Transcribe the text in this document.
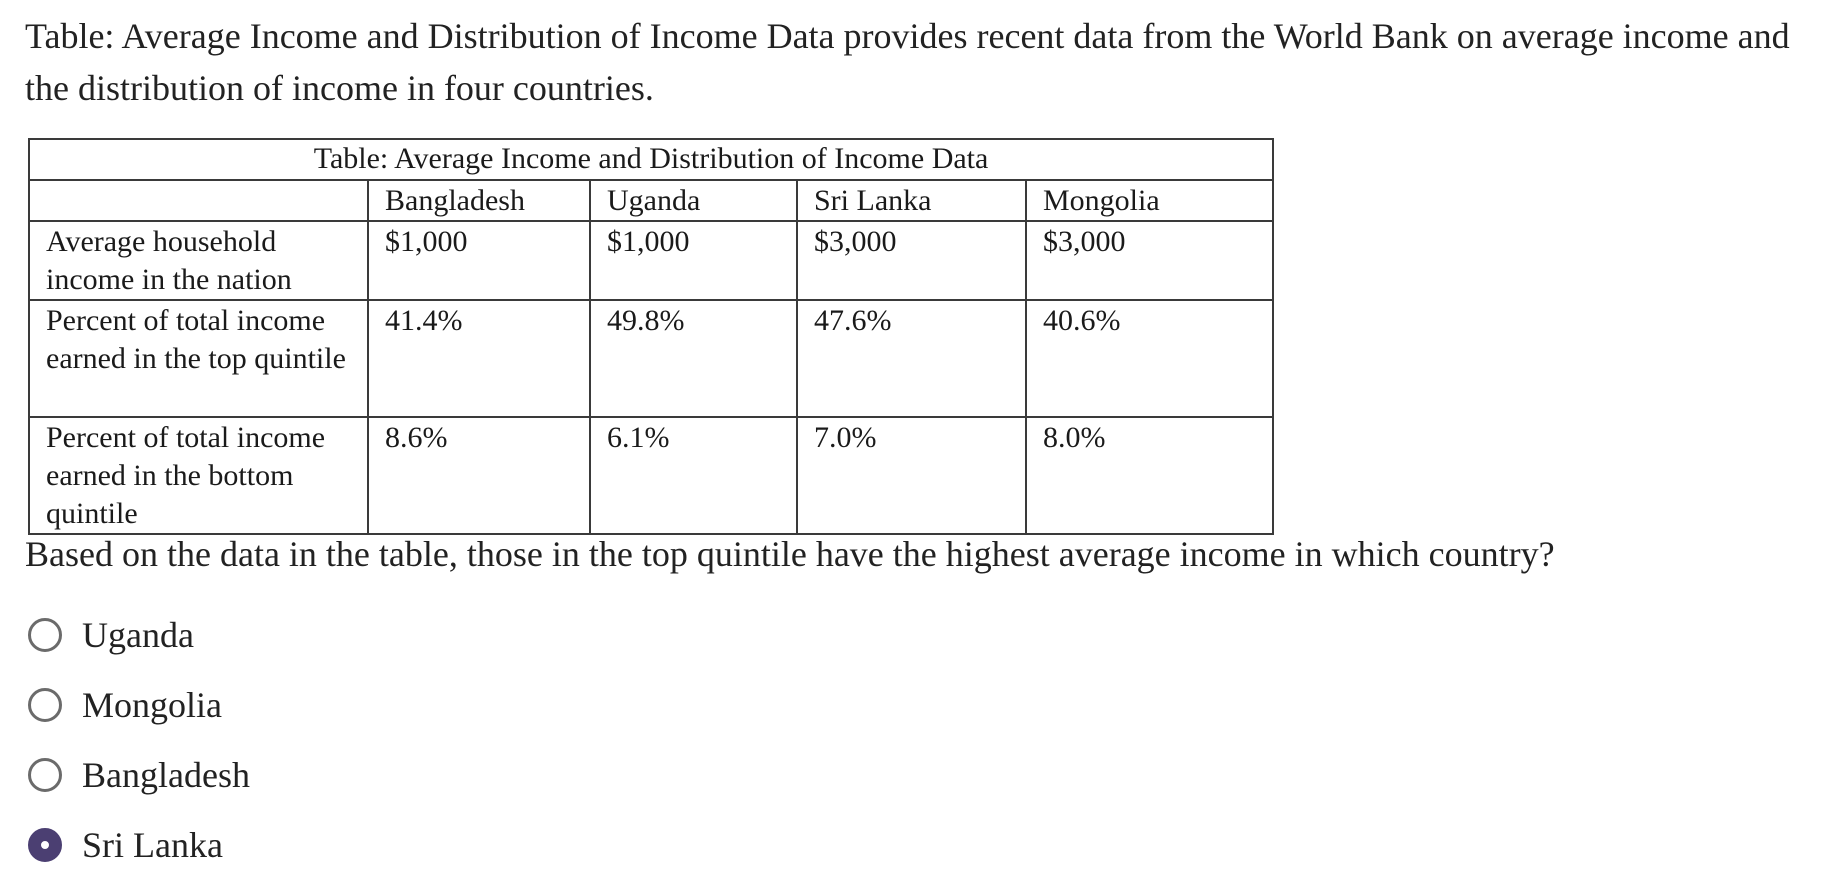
Table: Average Income and Distribution of Income Data provides recent data from the World Bank on average income and the distribution of income in four countries.

Table: Average Income and Distribution of Income Data				
	Bangladesh	Uganda	Sri Lanka	Mongolia
Average household income in the nation	$1,000	$1,000	$3,000	$3,000
Percent of total income earned in the top quintile	41.4%	49.8%	47.6%	40.6%
Percent of total income earned in the bottom quintile	8.6%	6.1%	7.0%	8.0%

Based on the data in the table, those in the top quintile have the highest average income in which country?

Uganda
Mongolia
Bangladesh
Sri Lanka
